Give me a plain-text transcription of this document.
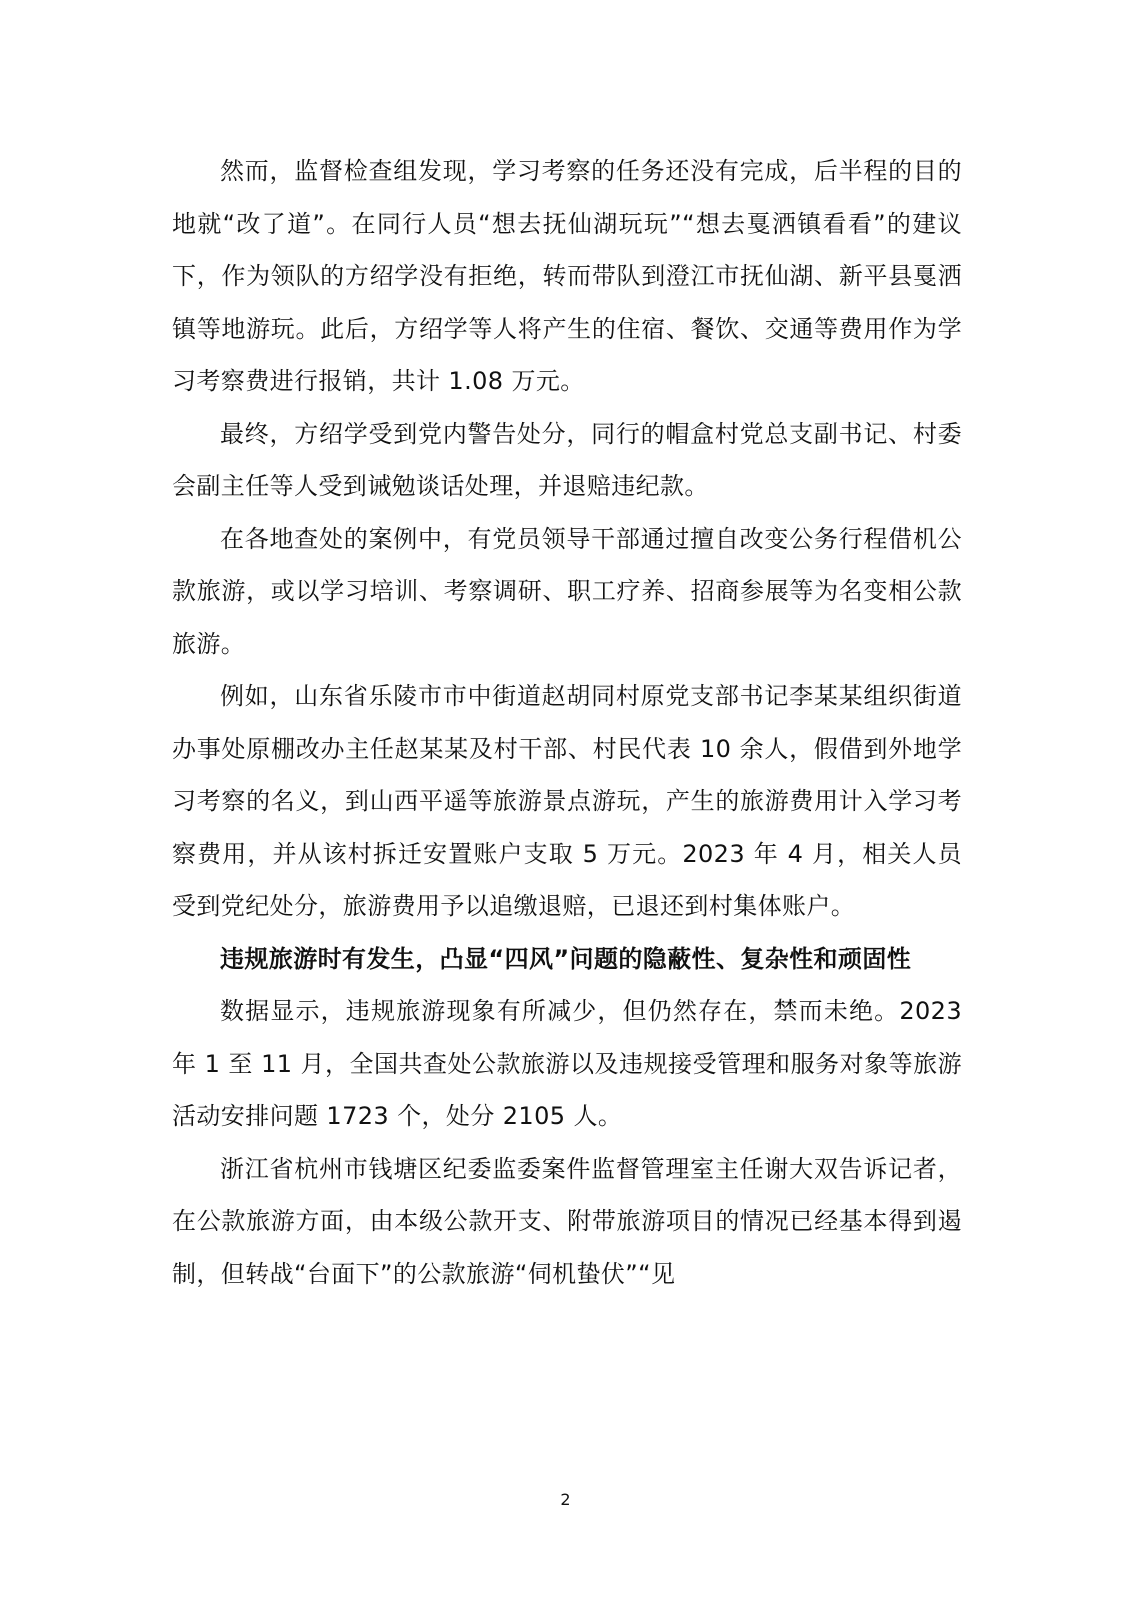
然而，监督检查组发现，学习考察的任务还没有完成，后半程的目的地就“改了道”。在同行人员“想去抚仙湖玩玩”“想去戛洒镇看看”的建议下，作为领队的方绍学没有拒绝，转而带队到澄江市抚仙湖、新平县戛洒镇等地游玩。此后，方绍学等人将产生的住宿、餐饮、交通等费用作为学习考察费进行报销，共计 1.08 万元。

最终，方绍学受到党内警告处分，同行的帽盒村党总支副书记、村委会副主任等人受到诫勉谈话处理，并退赔违纪款。

在各地查处的案例中，有党员领导干部通过擅自改变公务行程借机公款旅游，或以学习培训、考察调研、职工疗养、招商参展等为名变相公款旅游。

例如，山东省乐陵市市中街道赵胡同村原党支部书记李某某组织街道办事处原棚改办主任赵某某及村干部、村民代表 10 余人，假借到外地学习考察的名义，到山西平遥等旅游景点游玩，产生的旅游费用计入学习考察费用，并从该村拆迁安置账户支取 5 万元。2023 年 4 月，相关人员受到党纪处分，旅游费用予以追缴退赔，已退还到村集体账户。

违规旅游时有发生，凸显“四风”问题的隐蔽性、复杂性和顽固性

数据显示，违规旅游现象有所减少，但仍然存在，禁而未绝。2023 年 1 至 11 月，全国共查处公款旅游以及违规接受管理和服务对象等旅游活动安排问题 1723 个，处分 2105 人。

浙江省杭州市钱塘区纪委监委案件监督管理室主任谢大双告诉记者，在公款旅游方面，由本级公款开支、附带旅游项目的情况已经基本得到遏制，但转战“台面下”的公款旅游“伺机蛰伏”“见

2
